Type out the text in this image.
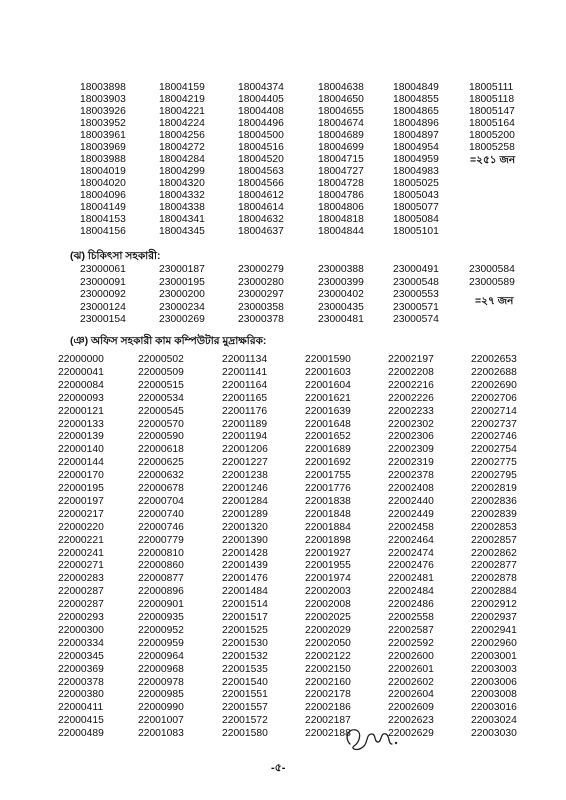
18003898
18003903
18003926
18003952
18003961
18003969
18003988
18004019
18004020
18004096
18004149
18004153
18004156
18004159
18004219
18004221
18004224
18004256
18004272
18004284
18004299
18004320
18004332
18004338
18004341
18004345
18004374
18004405
18004408
18004496
18004500
18004516
18004520
18004563
18004566
18004612
18004614
18004632
18004637
18004638
18004650
18004655
18004674
18004689
18004699
18004715
18004727
18004728
18004786
18004806
18004818
18004844
18004849
18004855
18004865
18004896
18004897
18004954
18004959
18004983
18005025
18005043
18005077
18005084
18005101
18005111
18005118
18005147
18005164
18005200
18005258
=২৫১ জন
(ঝ) চিকিৎসা সহকারী:
23000061
23000091
23000092
23000124
23000154
23000187
23000195
23000200
23000234
23000269
23000279
23000280
23000297
23000358
23000378
23000388
23000399
23000402
23000435
23000481
23000491
23000548
23000553
23000571
23000574
23000584
23000589
=২৭ জন
(ঞ) অফিস সহকারী কাম কম্পিউটার মুদ্রাক্ষরিক:
22000000
22000041
22000084
22000093
22000121
22000133
22000139
22000140
22000144
22000170
22000195
22000197
22000217
22000220
22000221
22000241
22000271
22000283
22000287
22000287
22000293
22000300
22000334
22000345
22000369
22000378
22000380
22000411
22000415
22000489
22000502
22000509
22000515
22000534
22000545
22000570
22000590
22000618
22000625
22000632
22000678
22000704
22000740
22000746
22000779
22000810
22000860
22000877
22000896
22000901
22000935
22000952
22000959
22000964
22000968
22000978
22000985
22000990
22001007
22001083
22001134
22001141
22001164
22001165
22001176
22001189
22001194
22001206
22001227
22001238
22001246
22001284
22001289
22001320
22001390
22001428
22001439
22001476
22001484
22001514
22001517
22001525
22001530
22001532
22001535
22001540
22001551
22001557
22001572
22001580
22001590
22001603
22001604
22001621
22001639
22001648
22001652
22001689
22001692
22001755
22001776
22001838
22001848
22001884
22001898
22001927
22001955
22001974
22002003
22002008
22002025
22002029
22002050
22002122
22002150
22002160
22002178
22002186
22002187
22002188
22002197
22002208
22002216
22002226
22002233
22002302
22002306
22002309
22002319
22002378
22002408
22002440
22002449
22002458
22002464
22002474
22002476
22002481
22002484
22002486
22002558
22002587
22002592
22002600
22002601
22002602
22002604
22002609
22002623
22002629
22002653
22002688
22002690
22002706
22002714
22002737
22002746
22002754
22002775
22002795
22002819
22002836
22002839
22002853
22002857
22002862
22002877
22002878
22002884
22002912
22002937
22002941
22002960
22003001
22003003
22003006
22003008
22003016
22003024
22003030
-৫-
